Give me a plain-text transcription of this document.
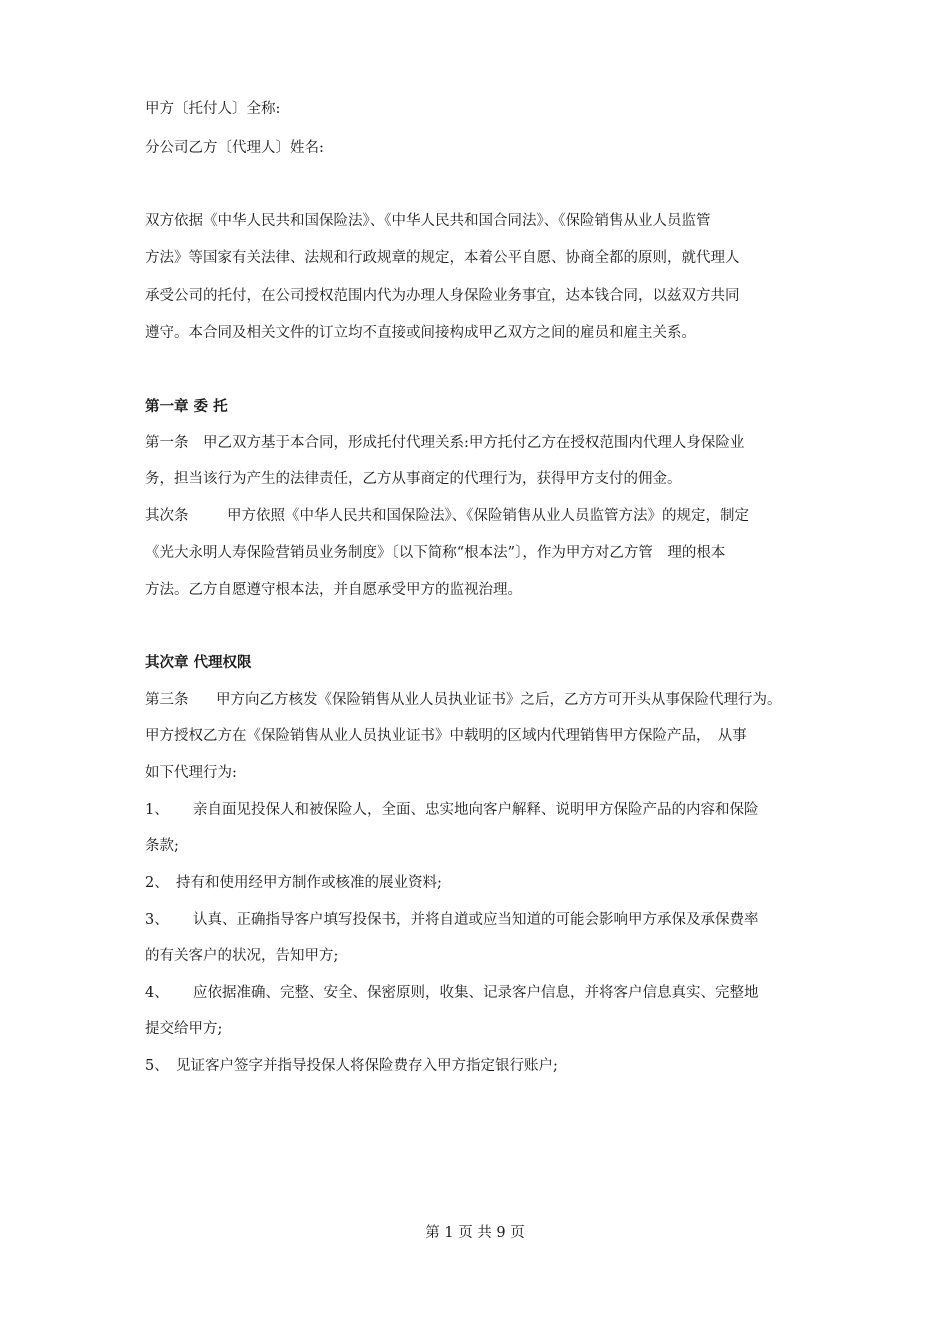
甲方〔托付人〕全称:

分公司乙方〔代理人〕姓名:

双方依据《中华人民共和国保险法》、《中华人民共和国合同法》、《保险销售从业人员监管

方法》等国家有关法律、法规和行政规章的规定，本着公平自愿、协商全都的原则，就代理人

承受公司的托付，在公司授权范围内代为办理人身保险业务事宜，达本钱合同，以兹双方共同

遵守。本合同及相关文件的订立均不直接或间接构成甲乙双方之间的雇员和雇主关系。

第一章 委 托

第一条 甲乙双方基于本合同，形成托付代理关系:甲方托付乙方在授权范围内代理人身保险业

务，担当该行为产生的法律责任，乙方从事商定的代理行为，获得甲方支付的佣金。

其次条	甲方依照《中华人民共和国保险法》、《保险销售从业人员监管方法》的规定，制定

《光大永明人寿保险营销员业务制度》〔以下简称“根本法”〕，作为甲方对乙方管　理的根本

方法。乙方自愿遵守根本法，并自愿承受甲方的监视治理。

其次章 代理权限

第三条 甲方向乙方核发《保险销售从业人员执业证书》之后，乙方方可开头从事保险代理行为。

甲方授权乙方在《保险销售从业人员执业证书》中载明的区域内代理销售甲方保险产品，　从事

如下代理行为:

1、 亲自面见投保人和被保险人，全面、忠实地向客户解释、说明甲方保险产品的内容和保险

条款;

2、 持有和使用经甲方制作或核准的展业资料;

3、 认真、正确指导客户填写投保书，并将自道或应当知道的可能会影响甲方承保及承保费率

的有关客户的状况，告知甲方;

4、 应依据准确、完整、安全、保密原则，收集、记录客户信息，并将客户信息真实、完整地

提交给甲方;

5、 见证客户签字并指导投保人将保险费存入甲方指定银行账户;

第 1 页 共 9 页
